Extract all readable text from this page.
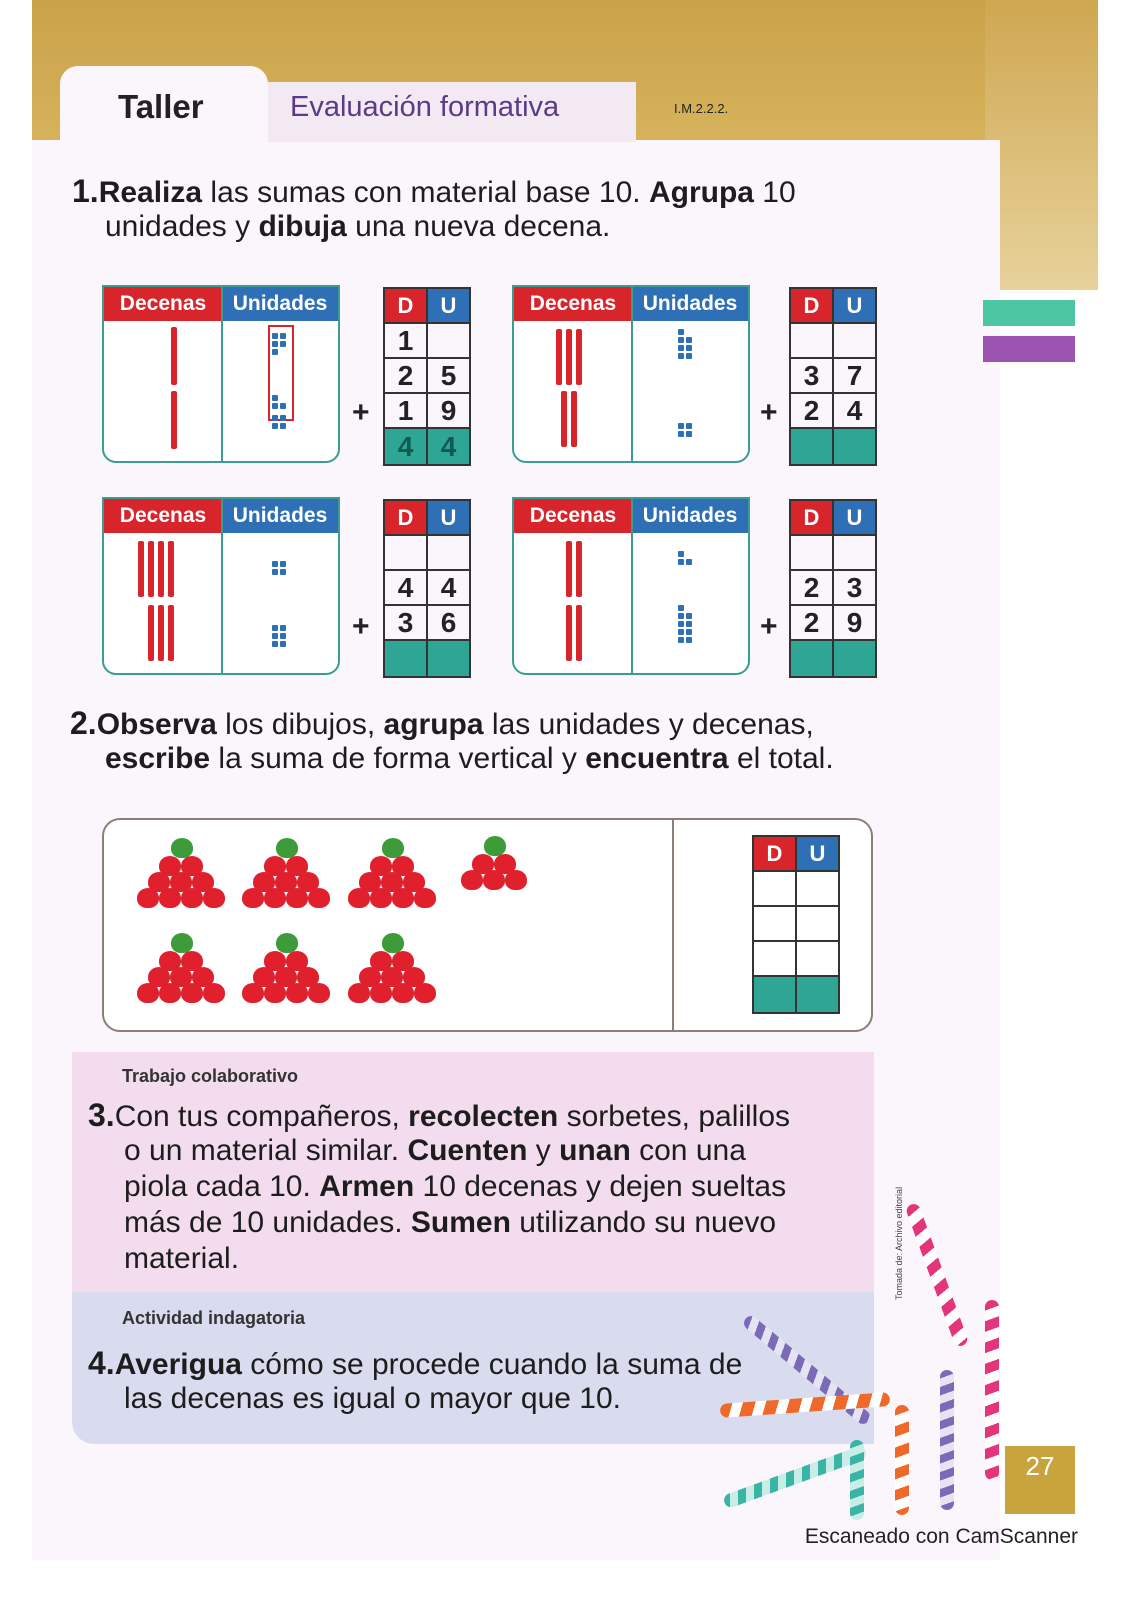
Taller	Evaluación formativa	I.M.2.2.2.
1.Realiza las sumas con material base 10. Agrupa 10
unidades y dibuja una nueva decena.
Decenas	Unidades
+
D	U
1
2 5
1 9
4 4
Decenas	Unidades
+
D	U
3 7
2 4
Decenas	Unidades
+
D	U
4 4
3 6
Decenas	Unidades
+
D	U
2 3
2 9
2.Observa los dibujos, agrupa las unidades y decenas,
escribe la suma de forma vertical y encuentra el total.
D	U
Trabajo colaborativo
3.Con tus compañeros, recolecten sorbetes, palillos
o un material similar. Cuenten y unan con una
piola cada 10. Armen 10 decenas y dejen sueltas
más de 10 unidades. Sumen utilizando su nuevo
material.
Actividad indagatoria
4.Averigua cómo se procede cuando la suma de
las decenas es igual o mayor que 10.
Tomada de: Archivo editorial
27
Escaneado con CamScanner
